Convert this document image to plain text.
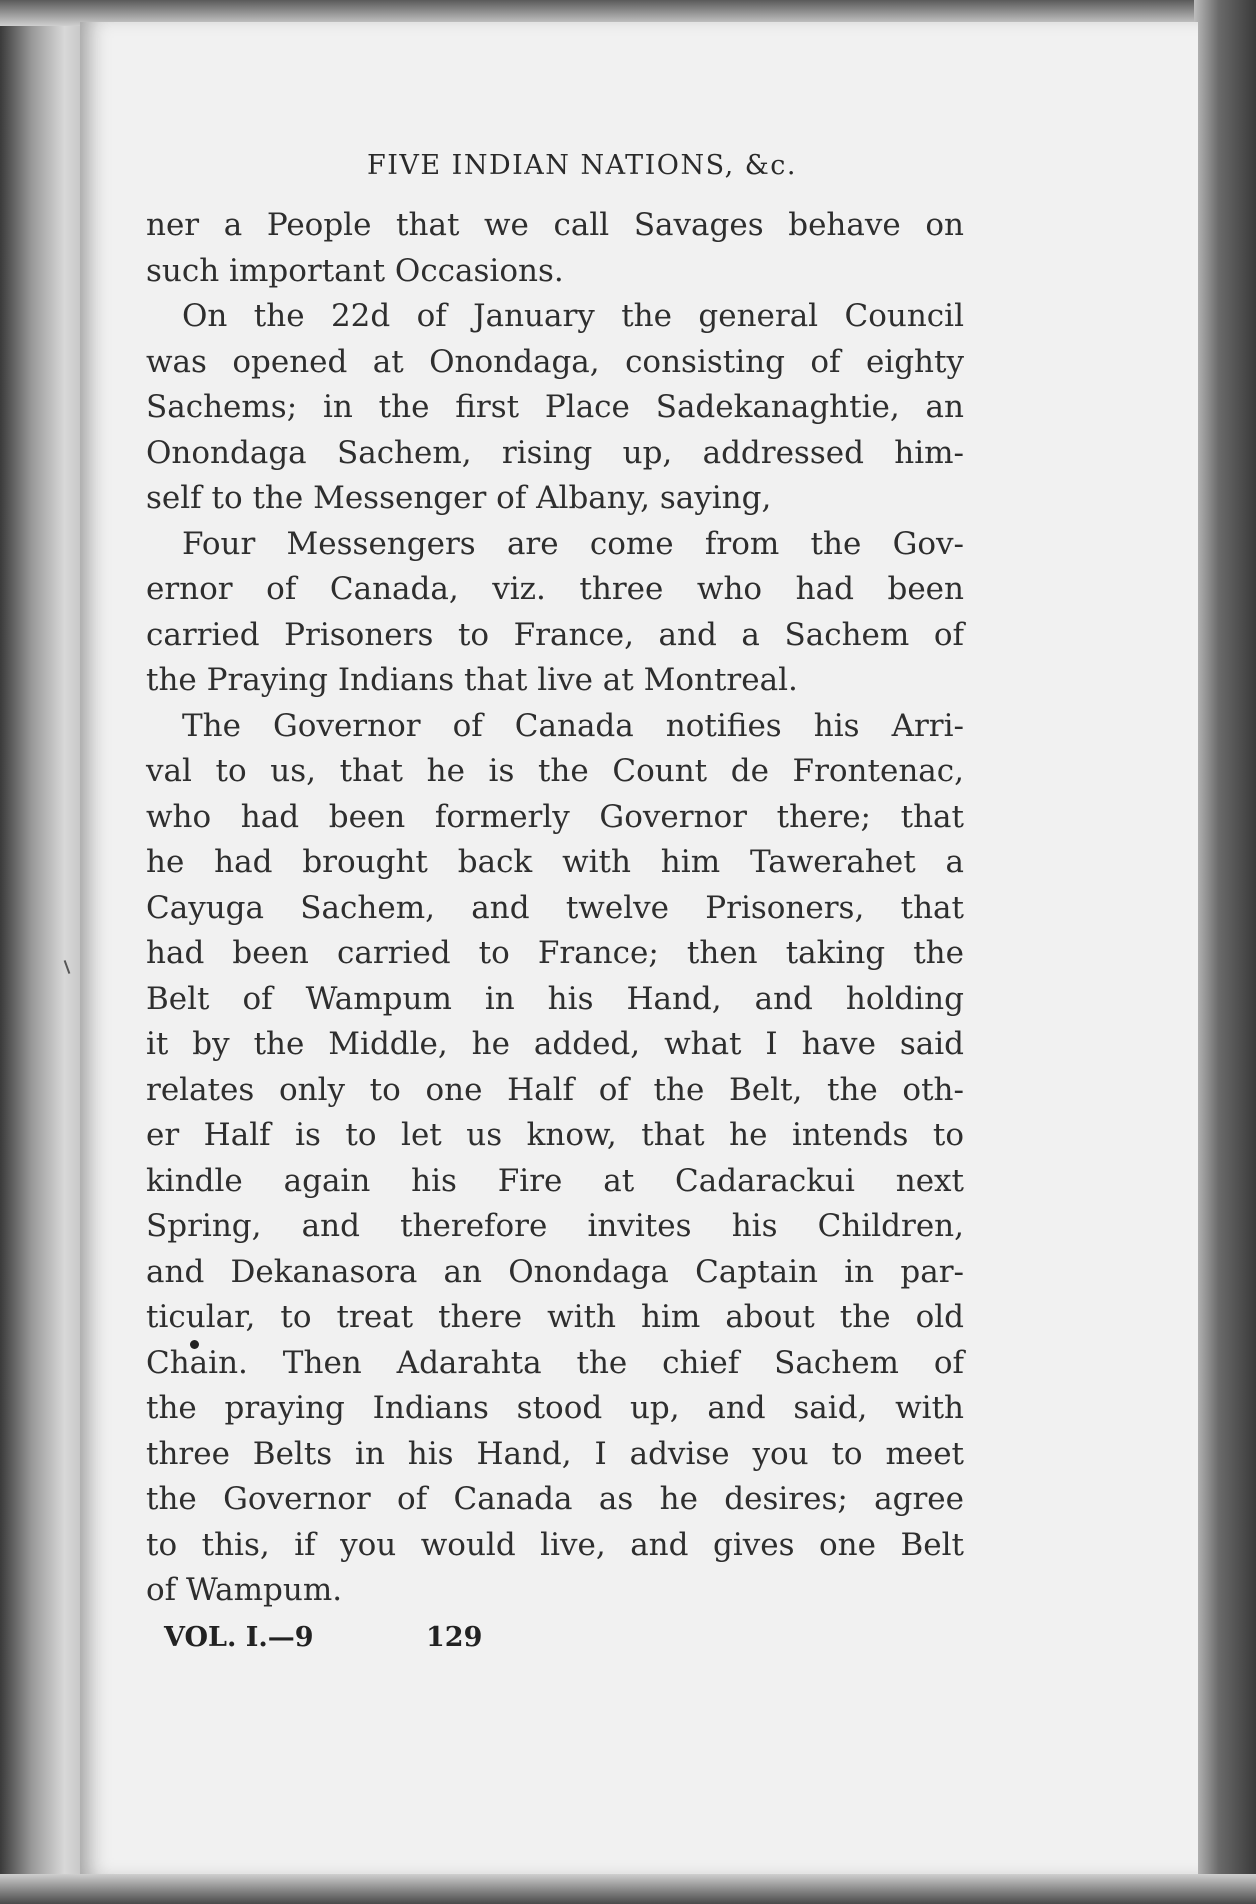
FIVE INDIAN NATIONS, &c.
ner a People that we call Savages behave on
such important Occasions.
On the 22d of January the general Council
was opened at Onondaga, consisting of eighty
Sachems; in the first Place Sadekanaghtie, an
Onondaga Sachem, rising up, addressed him-
self to the Messenger of Albany, saying,
Four Messengers are come from the Gov-
ernor of Canada, viz. three who had been
carried Prisoners to France, and a Sachem of
the Praying Indians that live at Montreal.
The Governor of Canada notifies his Arri-
val to us, that he is the Count de Frontenac,
who had been formerly Governor there; that
he had brought back with him Tawerahet a
Cayuga Sachem, and twelve Prisoners, that
had been carried to France; then taking the
Belt of Wampum in his Hand, and holding
it by the Middle, he added, what I have said
relates only to one Half of the Belt, the oth-
er Half is to let us know, that he intends to
kindle again his Fire at Cadarackui next
Spring, and therefore invites his Children,
and Dekanasora an Onondaga Captain in par-
ticular, to treat there with him about the old
Chain. Then Adarahta the chief Sachem of
the praying Indians stood up, and said, with
three Belts in his Hand, I advise you to meet
the Governor of Canada as he desires; agree
to this, if you would live, and gives one Belt
of Wampum.
VOL. I.—9	129
